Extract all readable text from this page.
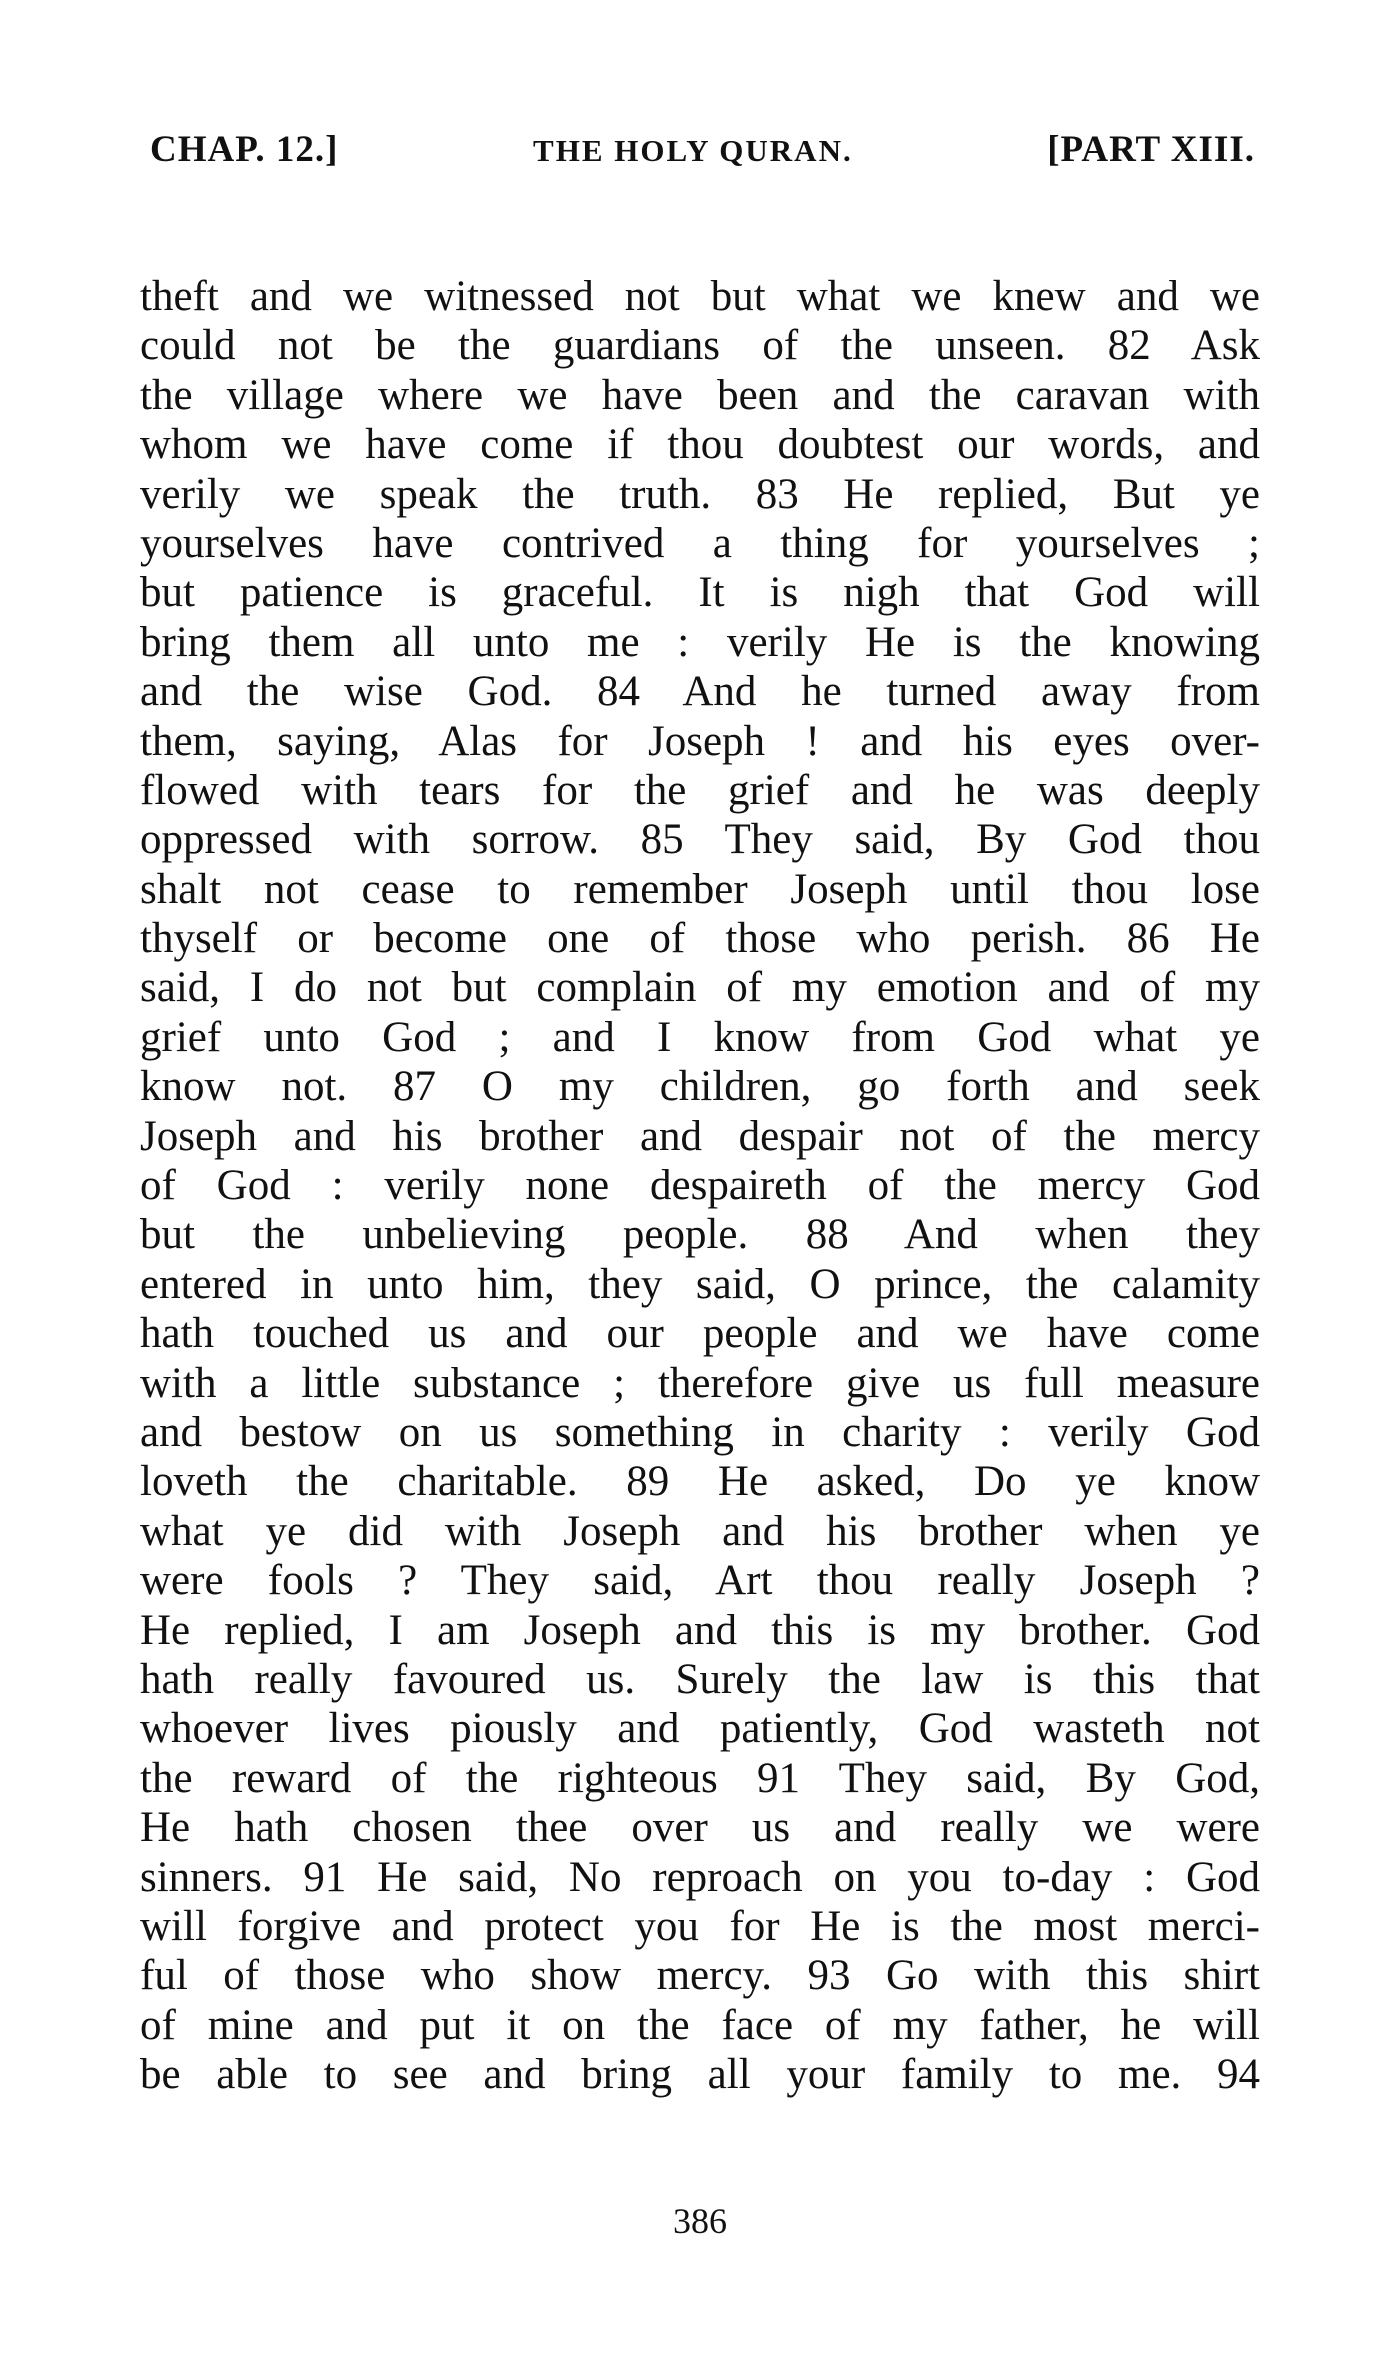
CHAP. 12.]	THE HOLY QURAN.	[PART XIII.
theft and we witnessed not but what we knew and we
could not be the guardians of the unseen. 82 Ask
the village where we have been and the caravan with
whom we have come if thou doubtest our words, and
verily we speak the truth. 83 He replied, But ye
yourselves have contrived a thing for yourselves ;
but patience is graceful. It is nigh that God will
bring them all unto me : verily He is the knowing
and the wise God. 84 And he turned away from
them, saying, Alas for Joseph ! and his eyes over-
flowed with tears for the grief and he was deeply
oppressed with sorrow. 85 They said, By God thou
shalt not cease to remember Joseph until thou lose
thyself or become one of those who perish. 86 He
said, I do not but complain of my emotion and of my
grief unto God ; and I know from God what ye
know not. 87 O my children, go forth and seek
Joseph and his brother and despair not of the mercy
of God : verily none despaireth of the mercy God
but the unbelieving people. 88 And when they
entered in unto him, they said, O prince, the calamity
hath touched us and our people and we have come
with a little substance ; therefore give us full measure
and bestow on us something in charity : verily God
loveth the charitable. 89 He asked, Do ye know
what ye did with Joseph and his brother when ye
were fools ? They said, Art thou really Joseph ?
He replied, I am Joseph and this is my brother. God
hath really favoured us. Surely the law is this that
whoever lives piously and patiently, God wasteth not
the reward of the righteous 91 They said, By God,
He hath chosen thee over us and really we were
sinners. 91 He said, No reproach on you to-day : God
will forgive and protect you for He is the most merci-
ful of those who show mercy. 93 Go with this shirt
of mine and put it on the face of my father, he will
be able to see and bring all your family to me. 94
386
